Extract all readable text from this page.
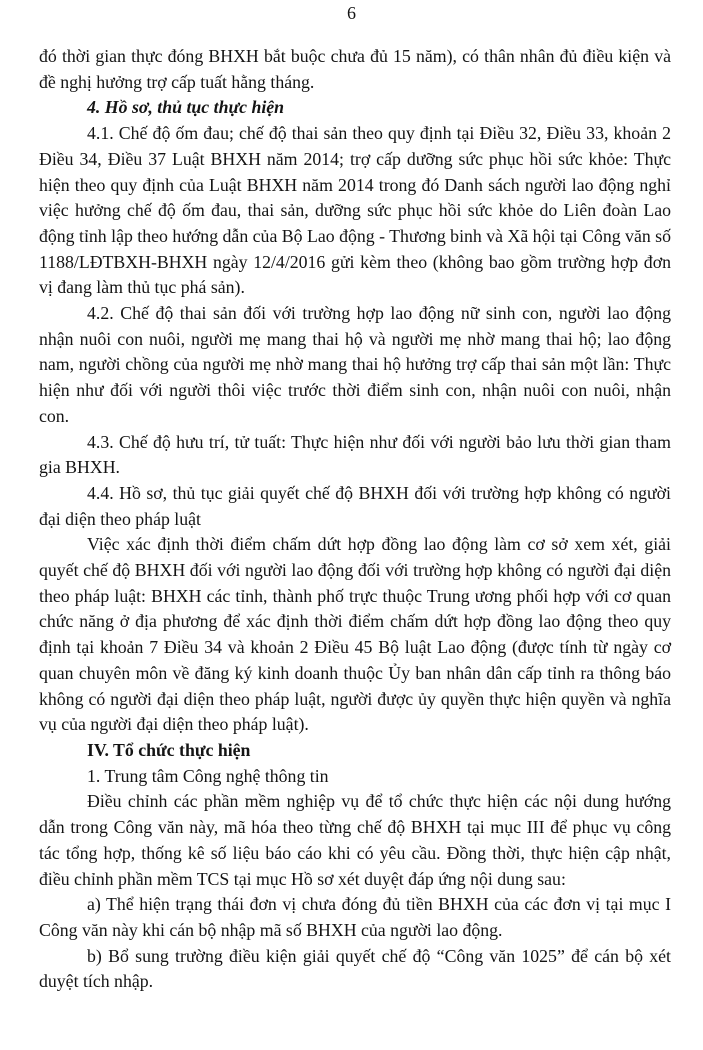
6

đó thời gian thực đóng BHXH bắt buộc chưa đủ 15 năm), có thân nhân đủ điều kiện và đề nghị hưởng trợ cấp tuất hằng tháng.

4. Hồ sơ, thủ tục thực hiện

4.1. Chế độ ốm đau; chế độ thai sản theo quy định tại Điều 32, Điều 33, khoản 2 Điều 34, Điều 37 Luật BHXH năm 2014; trợ cấp dưỡng sức phục hồi sức khỏe: Thực hiện theo quy định của Luật BHXH năm 2014 trong đó Danh sách người lao động nghỉ việc hưởng chế độ ốm đau, thai sản, dưỡng sức phục hồi sức khỏe do Liên đoàn Lao động tỉnh lập theo hướng dẫn của Bộ Lao động - Thương binh và Xã hội tại Công văn số 1188/LĐTBXH-BHXH ngày 12/4/2016 gửi kèm theo (không bao gồm trường hợp đơn vị đang làm thủ tục phá sản).

4.2. Chế độ thai sản đối với trường hợp lao động nữ sinh con, người lao động nhận nuôi con nuôi, người mẹ mang thai hộ và người mẹ nhờ mang thai hộ; lao động nam, người chồng của người mẹ nhờ mang thai hộ hưởng trợ cấp thai sản một lần: Thực hiện như đối với người thôi việc trước thời điểm sinh con, nhận nuôi con nuôi, nhận con.

4.3. Chế độ hưu trí, tử tuất: Thực hiện như đối với người bảo lưu thời gian tham gia BHXH.

4.4. Hồ sơ, thủ tục giải quyết chế độ BHXH đối với trường hợp không có người đại diện theo pháp luật

Việc xác định thời điểm chấm dứt hợp đồng lao động làm cơ sở xem xét, giải quyết chế độ BHXH đối với người lao động đối với trường hợp không có người đại diện theo pháp luật: BHXH các tỉnh, thành phố trực thuộc Trung ương phối hợp với cơ quan chức năng ở địa phương để xác định thời điểm chấm dứt hợp đồng lao động theo quy định tại khoản 7 Điều 34 và khoản 2 Điều 45 Bộ luật Lao động (được tính từ ngày cơ quan chuyên môn về đăng ký kinh doanh thuộc Ủy ban nhân dân cấp tỉnh ra thông báo không có người đại diện theo pháp luật, người được ủy quyền thực hiện quyền và nghĩa vụ của người đại diện theo pháp luật).

IV. Tổ chức thực hiện

1. Trung tâm Công nghệ thông tin

Điều chỉnh các phần mềm nghiệp vụ để tổ chức thực hiện các nội dung hướng dẫn trong Công văn này, mã hóa theo từng chế độ BHXH tại mục III để phục vụ công tác tổng hợp, thống kê số liệu báo cáo khi có yêu cầu. Đồng thời, thực hiện cập nhật, điều chỉnh phần mềm TCS tại mục Hồ sơ xét duyệt đáp ứng nội dung sau:

a) Thể hiện trạng thái đơn vị chưa đóng đủ tiền BHXH của các đơn vị tại mục I Công văn này khi cán bộ nhập mã số BHXH của người lao động.

b) Bổ sung trường điều kiện giải quyết chế độ “Công văn 1025” để cán bộ xét duyệt tích nhập.
